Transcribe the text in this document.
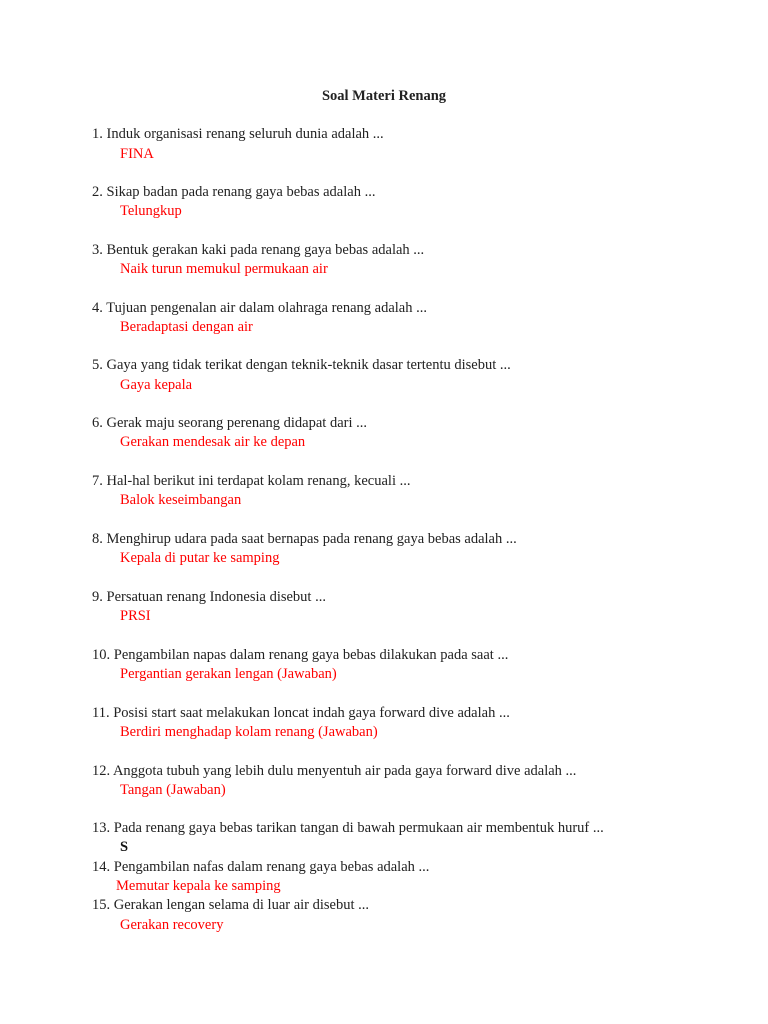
Soal Materi Renang
1. Induk organisasi renang seluruh dunia adalah ...
FINA
2. Sikap badan pada renang gaya bebas adalah ...
Telungkup
3. Bentuk gerakan kaki pada renang gaya bebas adalah ...
Naik turun memukul permukaan air
4. Tujuan pengenalan air dalam olahraga renang adalah ...
Beradaptasi dengan air
5. Gaya yang tidak terikat dengan teknik-teknik dasar tertentu disebut ...
Gaya kepala
6. Gerak maju seorang perenang didapat dari ...
Gerakan mendesak air ke depan
7. Hal-hal berikut ini terdapat kolam renang, kecuali ...
Balok keseimbangan
8. Menghirup udara pada saat bernapas pada renang gaya bebas adalah ...
Kepala di putar ke samping
9. Persatuan renang Indonesia disebut ...
PRSI
10. Pengambilan napas dalam renang gaya bebas dilakukan pada saat ...
Pergantian gerakan lengan (Jawaban)
11. Posisi start saat melakukan loncat indah gaya forward dive adalah ...
Berdiri menghadap kolam renang (Jawaban)
12. Anggota tubuh yang lebih dulu menyentuh air pada gaya forward dive adalah ...
Tangan (Jawaban)
13. Pada renang gaya bebas tarikan tangan di bawah permukaan air membentuk huruf ...
S
14. Pengambilan nafas dalam renang gaya bebas adalah ...
Memutar kepala ke samping
15. Gerakan lengan selama di luar air disebut ...
Gerakan recovery
